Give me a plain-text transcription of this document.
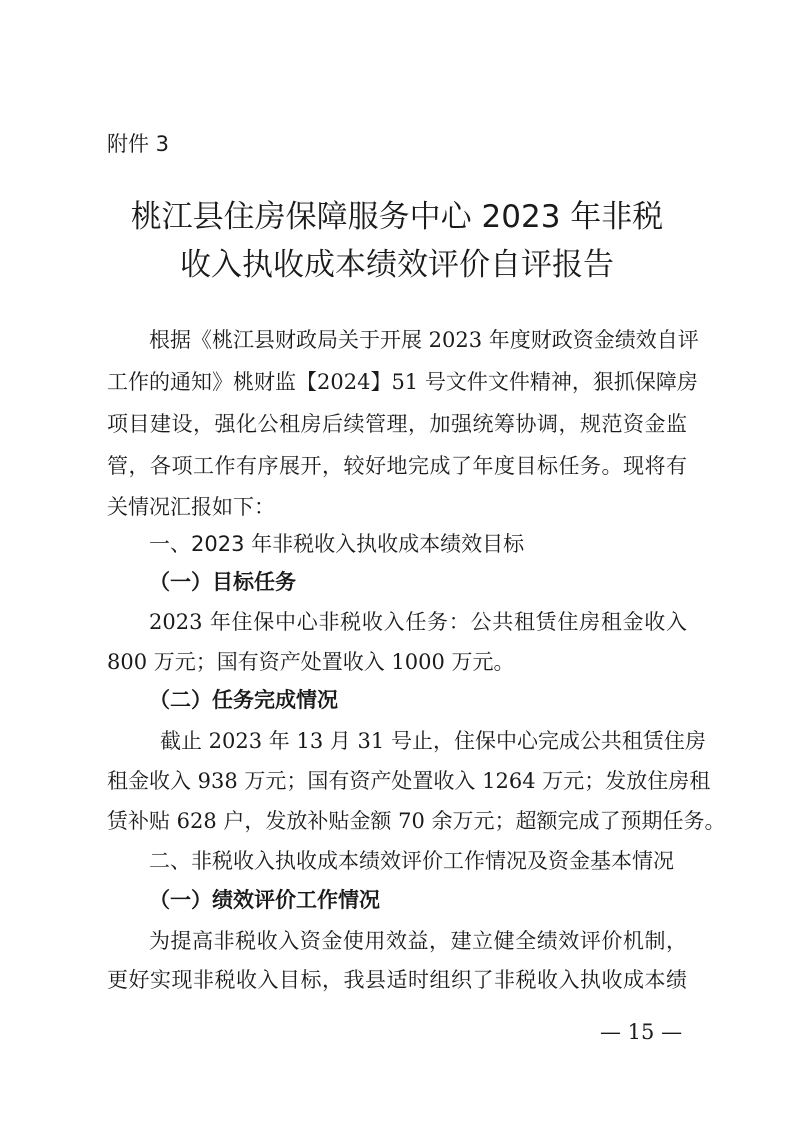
附件 3
桃江县住房保障服务中心 2023 年非税
收入执收成本绩效评价自评报告
根据《桃江县财政局关于开展 2023 年度财政资金绩效自评
工作的通知》桃财监【2024】51 号文件文件精神，狠抓保障房
项目建设，强化公租房后续管理，加强统筹协调，规范资金监
管，各项工作有序展开，较好地完成了年度目标任务。现将有
关情况汇报如下：
一、2023 年非税收入执收成本绩效目标
（一）目标任务
2023 年住保中心非税收入任务：公共租赁住房租金收入
800 万元；国有资产处置收入 1000 万元。
（二）任务完成情况
截止 2023 年 13 月 31 号止，住保中心完成公共租赁住房
租金收入 938 万元；国有资产处置收入 1264 万元；发放住房租
赁补贴 628 户，发放补贴金额 70 余万元；超额完成了预期任务。
二、非税收入执收成本绩效评价工作情况及资金基本情况
（一）绩效评价工作情况
为提高非税收入资金使用效益，建立健全绩效评价机制，
更好实现非税收入目标，我县适时组织了非税收入执收成本绩
— 15 —
